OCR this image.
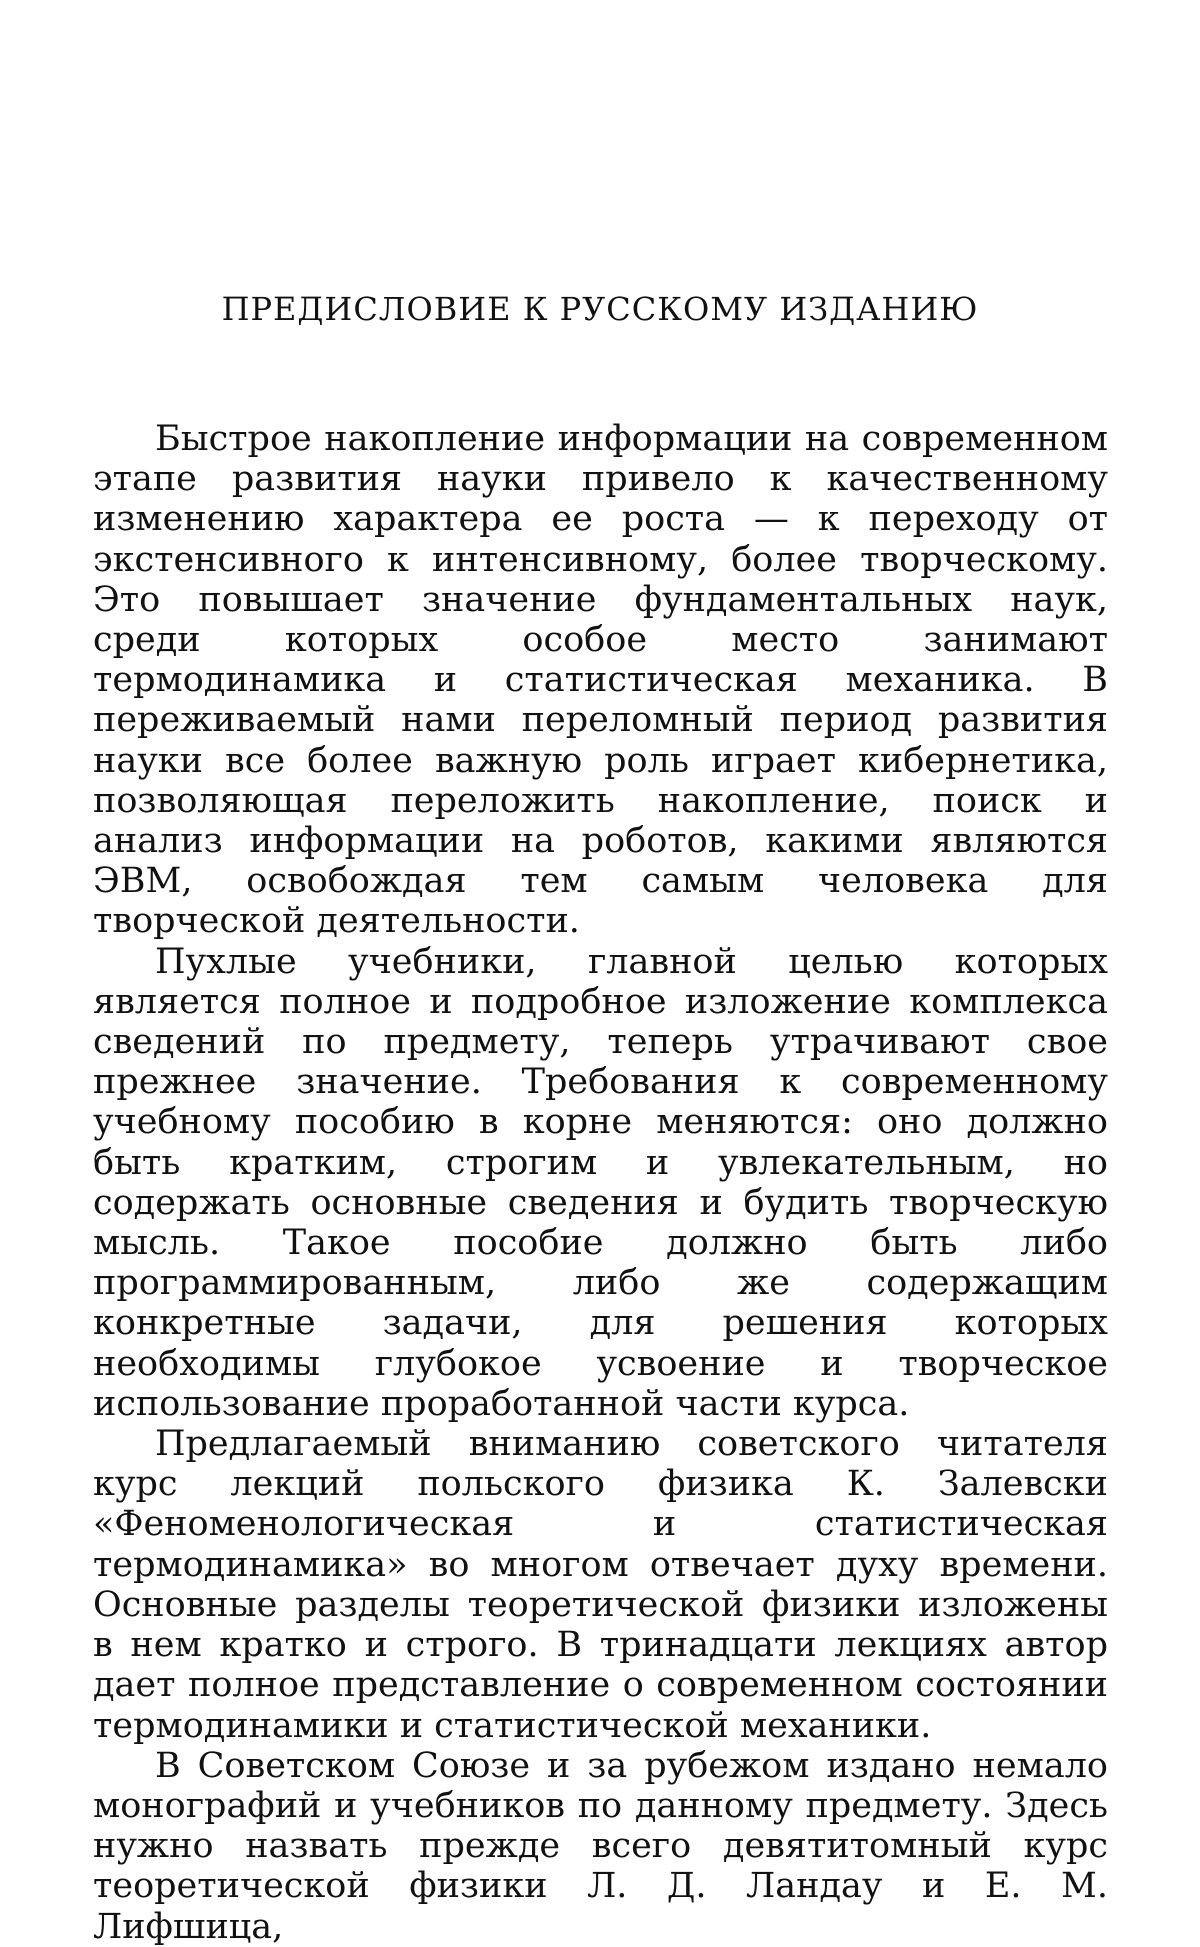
ПРЕДИСЛОВИЕ К РУССКОМУ ИЗДАНИЮ

Быстрое накопление информации на современном этапе развития науки привело к качественному изменению характера ее роста — к переходу от экстенсивного к интенсивному, более творческому. Это повышает значение фундаментальных наук, среди которых особое место занимают термодинамика и статистическая механика. В переживаемый нами переломный период развития науки все более важную роль играет кибернетика, позволяющая переложить накопление, поиск и анализ информации на роботов, какими являются ЭВМ, освобождая тем самым человека для творческой деятельности.

Пухлые учебники, главной целью которых является полное и подробное изложение комплекса сведений по предмету, теперь утрачивают свое прежнее значение. Требования к современному учебному пособию в корне меняются: оно должно быть кратким, строгим и увлекательным, но содержать основные сведения и будить творческую мысль. Такое пособие должно быть либо программированным, либо же содержащим конкретные задачи, для решения которых необходимы глубокое усвоение и творческое использование проработанной части курса.

Предлагаемый вниманию советского читателя курс лекций польского физика К. Залевски «Феноменологическая и статистическая термодинамика» во многом отвечает духу времени. Основные разделы теоретической физики изложены в нем кратко и строго. В тринадцати лекциях автор дает полное представление о современном состоянии термодинамики и статистической механики.

В Советском Союзе и за рубежом издано немало монографий и учебников по данному предмету. Здесь нужно назвать прежде всего девятитомный курс теоретической физики Л. Д. Ландау и Е. М. Лифшица,
